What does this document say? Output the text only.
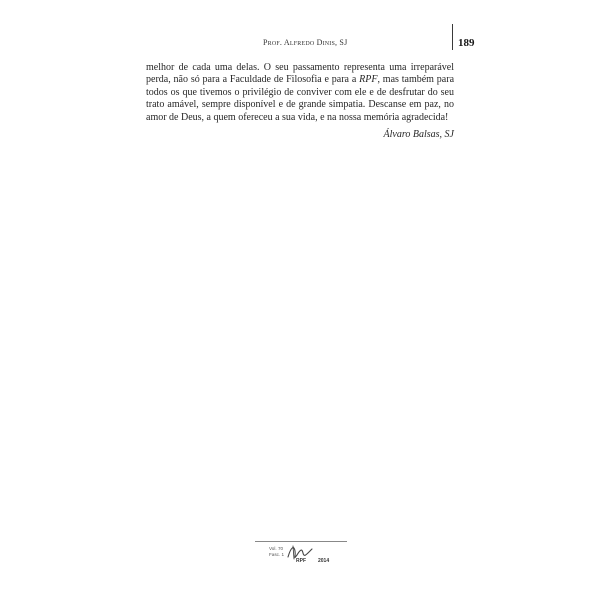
Prof. Alfredo Dinis, SJ	189

melhor de cada uma delas. O seu passamento representa uma irreparável perda, não só para a Faculdade de Filosofia e para a RPF, mas também para todos os que tivemos o privilégio de conviver com ele e de desfrutar do seu trato amável, sempre disponível e de grande simpatia. Descanse em paz, no amor de Deus, a quem ofereceu a sua vida, e na nossa memória agradecida!

Álvaro Balsas, SJ
Vol. 70
Fasc. 1
RPF 2014
